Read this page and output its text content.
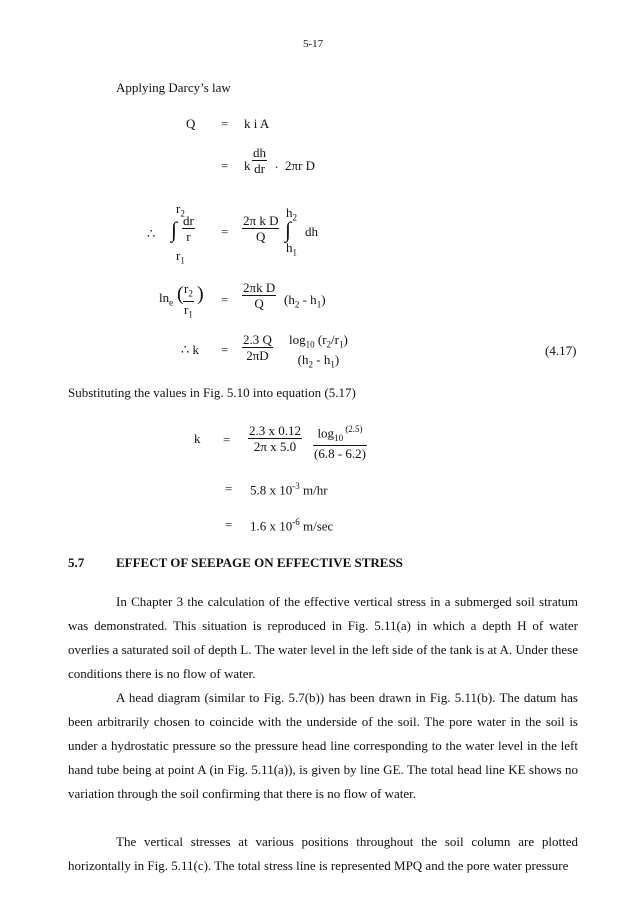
5-17
Applying Darcy’s law
Q = k i A
= k $\frac{dh}{dr}$ . 2πr D
$r_2$
∴ ∫ $\frac{dr}{r}$
$r_1$
= $\frac{\text{2π k D}}{Q}$
$h_2$
∫ dh
$h_1$
$\ln_e$ ( $\frac{r_2}{r_1}$ ) = $\frac{\text{2πk D}}{Q} (h_2 - h_1)$
∴ $k = \frac{2.3 Q}{2\pi D} \log_{10} (r_2/r_1)$
$(h_2 - h_1)$
(4.17)
Substituting the values in Fig. 5.10 into equation (5.17)
$k = \frac{2.3 x 0.12}{\text{2π x 5.0}} \frac{\log_{10} ^{(2.5)}}{(6.8 - 6.2)}$
= 5.8 x $10^{-3}$ m/hr
= 1.6 x $10^{-6}$ m/sec
5.7 EFFECT OF SEEPAGE ON EFFECTIVE STRESS
In Chapter 3 the calculation of the effective vertical stress in a submerged soil stratum was demonstrated. This situation is reproduced in Fig. 5.11(a) in which a depth H of water overlies a saturated soil of depth L. The water level in the left side of the tank is at A. Under these conditions there is no flow of water.
A head diagram (similar to Fig. 5.7(b)) has been drawn in Fig. 5.11(b). The datum has been arbitrarily chosen to coincide with the underside of the soil. The pore water in the soil is under a hydrostatic pressure so the pressure head line corresponding to the water level in the left hand tube being at point A (in Fig. 5.11(a)), is given by line GE. The total head line KE shows no variation through the soil confirming that there is no flow of water.
The vertical stresses at various positions throughout the soil column are plotted horizontally in Fig. 5.11(c). The total stress line is represented MPQ and the pore water pressure
